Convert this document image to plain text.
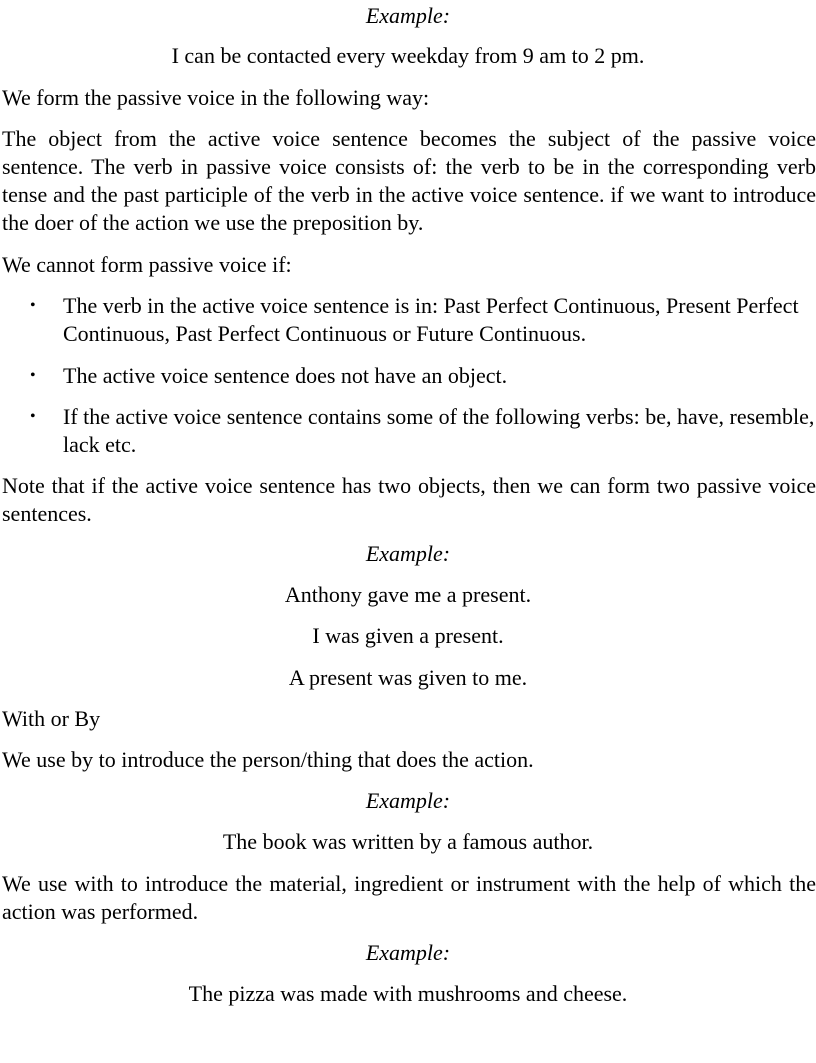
Example:

I can be contacted every weekday from 9 am to 2 pm.

We form the passive voice in the following way:

The object from the active voice sentence becomes the subject of the passive voice sentence. The verb in passive voice consists of: the verb to be in the corresponding verb tense and the past participle of the verb in the active voice sentence. if we want to introduce the doer of the action we use the preposition by.

We cannot form passive voice if:

• The verb in the active voice sentence is in: Past Perfect Continuous, Present Perfect Continuous, Past Perfect Continuous or Future Continuous.
• The active voice sentence does not have an object.
• If the active voice sentence contains some of the following verbs: be, have, resemble, lack etc.

Note that if the active voice sentence has two objects, then we can form two passive voice sentences.

Example:

Anthony gave me a present.

I was given a present.

A present was given to me.

With or By

We use by to introduce the person/thing that does the action.

Example:

The book was written by a famous author.

We use with to introduce the material, ingredient or instrument with the help of which the action was performed.

Example:

The pizza was made with mushrooms and cheese.
